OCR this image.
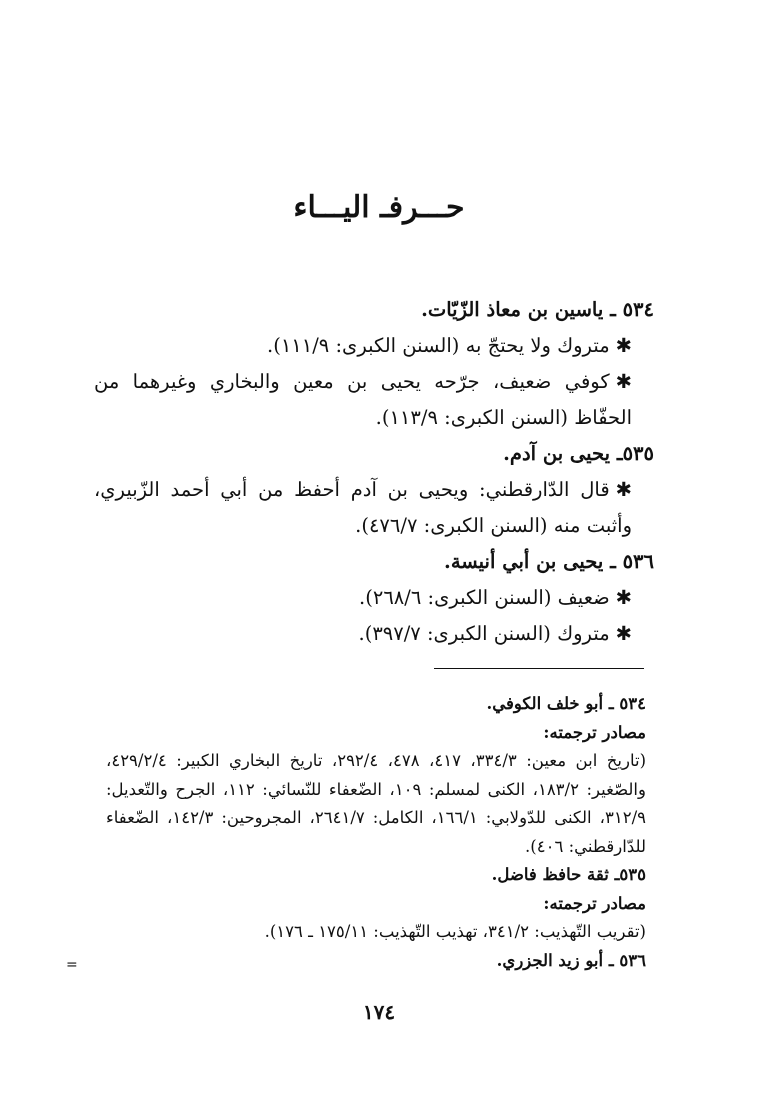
حـــرفـ اليـــاء
٥٣٤ ـ ياسين بن معاذ الزّيّات.
✱متروك ولا يحتجّ به (السنن الكبرى: ١١١/٩).
✱كوفي ضعيف، جرّحه يحيى بن معين والبخاري وغيرهما من الحفّاظ (السنن الكبرى: ١١٣/٩).
٥٣٥ـ يحيى بن آدم.
✱قال الدّارقطني: ويحيى بن آدم أحفظ من أبي أحمد الزّبيري، وأثبت منه (السنن الكبرى: ٤٧٦/٧).
٥٣٦ ـ يحيى بن أبي أنيسة.
✱ضعيف (السنن الكبرى: ٢٦٨/٦).
✱متروك (السنن الكبرى: ٣٩٧/٧).
٥٣٤ ـ أبو خلف الكوفي.
مصادر ترجمته:
(تاريخ ابن معين: ٣٣٤/٣، ٤١٧، ٤٧٨، ٢٩٢/٤، تاريخ البخاري الكبير: ٤٢٩/٢/٤، والصّغير: ١٨٣/٢، الكنى لمسلم: ١٠٩، الضّعفاء للنّسائي: ١١٢، الجرح والتّعديل: ٣١٢/٩، الكنى للدّولابي: ١٦٦/١، الكامل: ٢٦٤١/٧، المجروحين: ١٤٢/٣، الضّعفاء للدّارقطني: ٤٠٦).
٥٣٥ـ ثقة حافظ فاضل.
مصادر ترجمته:
(تقريب التّهذيب: ٣٤١/٢، تهذيب التّهذيب: ١٧٥/١١ ـ ١٧٦).
٥٣٦ ـ أبو زيد الجزري.
=
١٧٤
